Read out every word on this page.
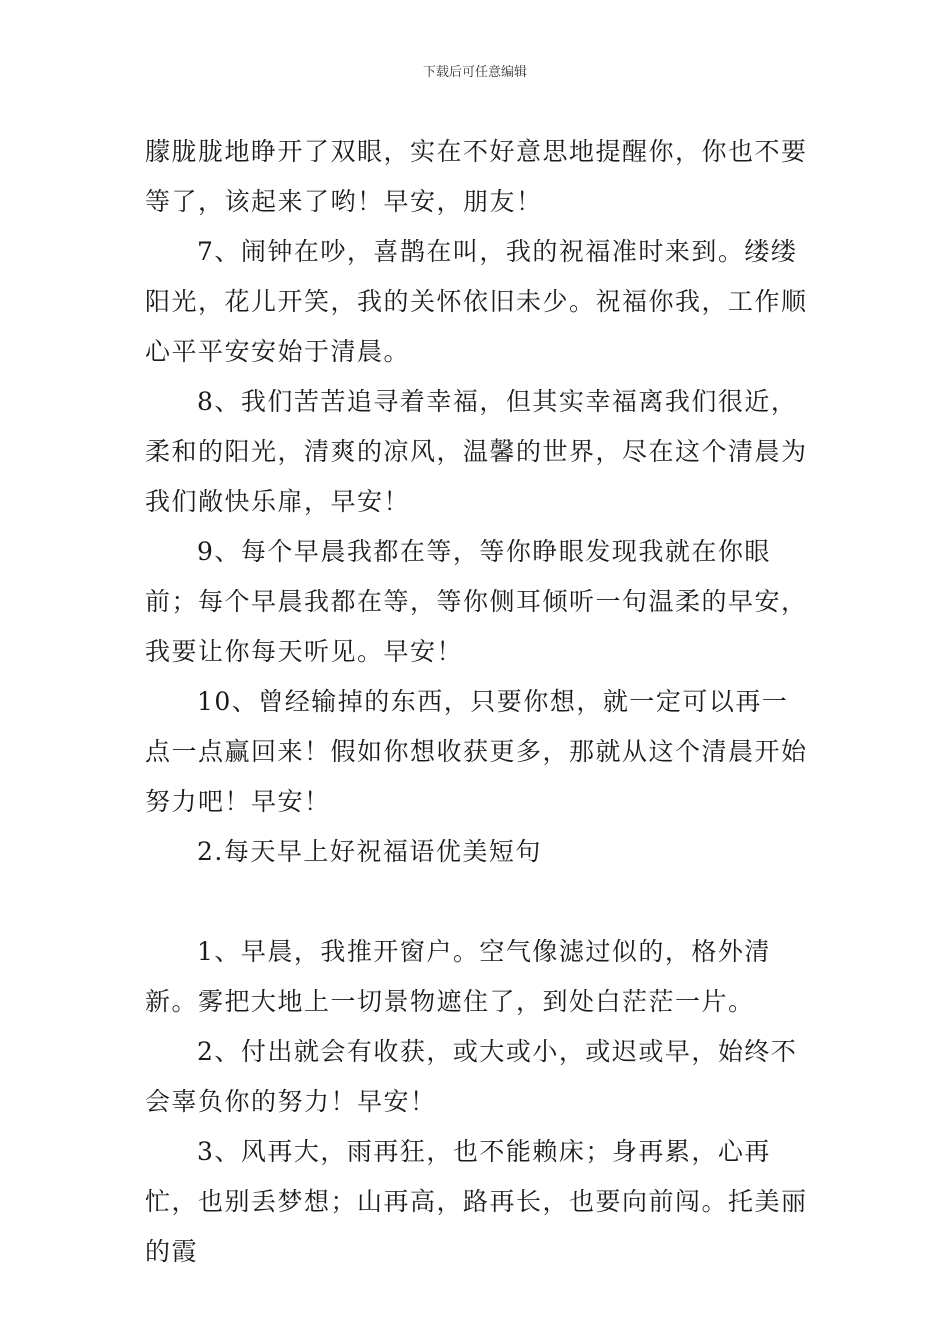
下载后可任意编辑

朦胧胧地睁开了双眼，实在不好意思地提醒你，你也不要等了，该起来了哟！早安，朋友！

7、闹钟在吵，喜鹊在叫，我的祝福准时来到。缕缕阳光，花儿开笑，我的关怀依旧未少。祝福你我，工作顺心平平安安始于清晨。

8、我们苦苦追寻着幸福，但其实幸福离我们很近，柔和的阳光，清爽的凉风，温馨的世界，尽在这个清晨为我们敞快乐扉，早安！

9、每个早晨我都在等，等你睁眼发现我就在你眼前；每个早晨我都在等，等你侧耳倾听一句温柔的早安，我要让你每天听见。早安！

10、曾经输掉的东西，只要你想，就一定可以再一点一点赢回来！假如你想收获更多，那就从这个清晨开始努力吧！早安！

2.每天早上好祝福语优美短句

1、早晨，我推开窗户。空气像滤过似的，格外清新。雾把大地上一切景物遮住了，到处白茫茫一片。

2、付出就会有收获，或大或小，或迟或早，始终不会辜负你的努力！早安！

3、风再大，雨再狂，也不能赖床；身再累，心再忙，也别丢梦想；山再高，路再长，也要向前闯。托美丽的霞
